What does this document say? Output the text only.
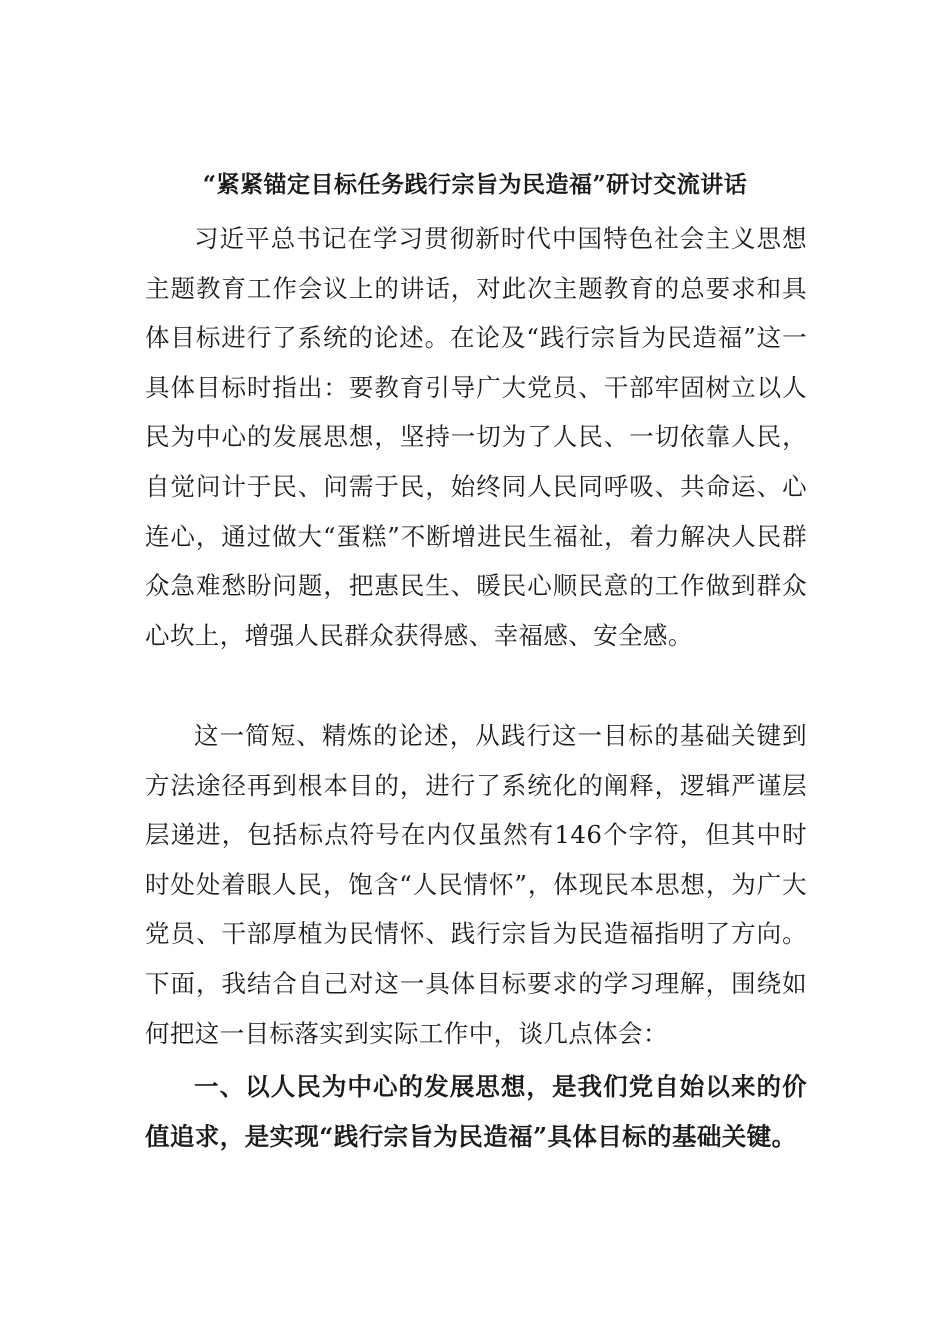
“紧紧锚定目标任务践行宗旨为民造福”研讨交流讲话

习近平总书记在学习贯彻新时代中国特色社会主义思想主题教育工作会议上的讲话，对此次主题教育的总要求和具体目标进行了系统的论述。在论及“践行宗旨为民造福”这一具体目标时指出：要教育引导广大党员、干部牢固树立以人民为中心的发展思想，坚持一切为了人民、一切依靠人民，自觉问计于民、问需于民，始终同人民同呼吸、共命运、心连心，通过做大“蛋糕”不断增进民生福祉，着力解决人民群众急难愁盼问题，把惠民生、暖民心顺民意的工作做到群众心坎上，增强人民群众获得感、幸福感、安全感。

这一简短、精炼的论述，从践行这一目标的基础关键到方法途径再到根本目的，进行了系统化的阐释，逻辑严谨层层递进，包括标点符号在内仅虽然有146个字符，但其中时时处处着眼人民，饱含“人民情怀”，体现民本思想，为广大党员、干部厚植为民情怀、践行宗旨为民造福指明了方向。下面，我结合自己对这一具体目标要求的学习理解，围绕如何把这一目标落实到实际工作中，谈几点体会：

一、以人民为中心的发展思想，是我们党自始以来的价值追求，是实现“践行宗旨为民造福”具体目标的基础关键。
